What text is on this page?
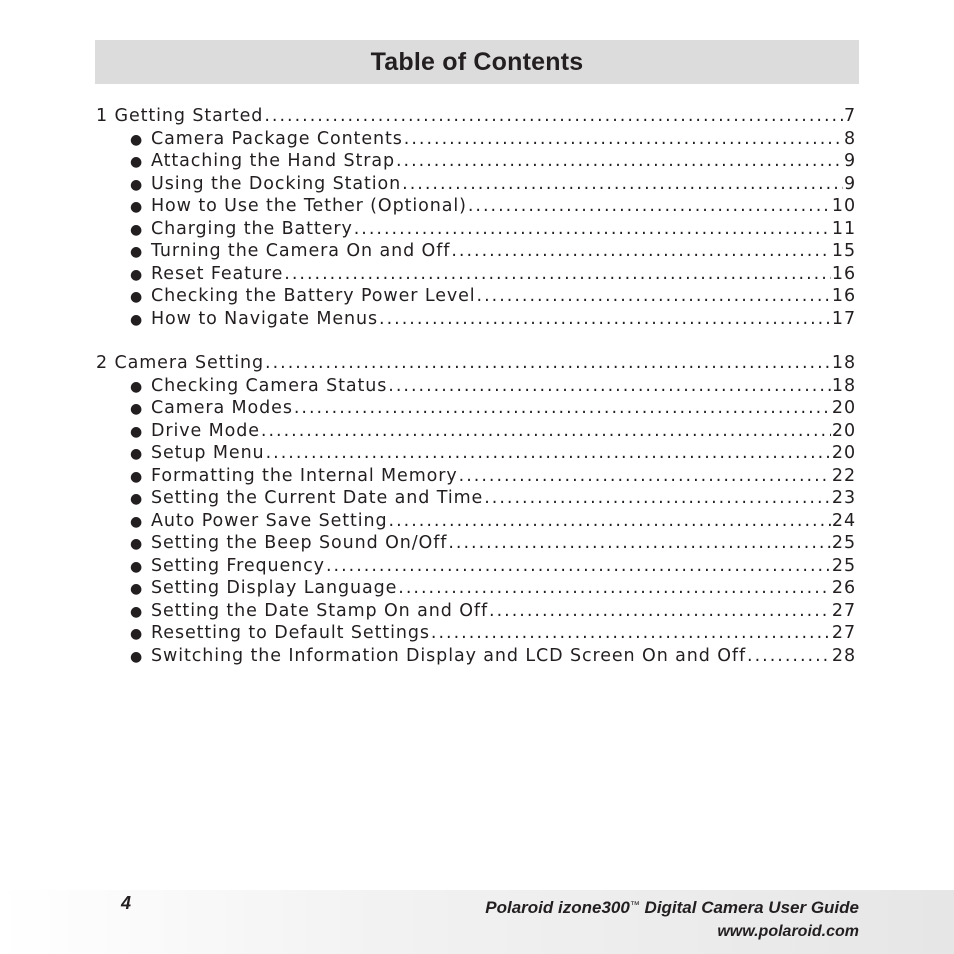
Table of Contents
1 Getting Started .....	7
● Camera Package Contents .....	8
● Attaching the Hand Strap .....	9
● Using the Docking Station .....	9
● How to Use the Tether (Optional) .....	10
● Charging the Battery .....	11
● Turning the Camera On and Off .....	15
● Reset Feature .....	16
● Checking the Battery Power Level .....	16
● How to Navigate Menus .....	17
2 Camera Setting .....	18
● Checking Camera Status .....	18
● Camera Modes .....	20
● Drive Mode .....	20
● Setup Menu .....	20
● Formatting the Internal Memory .....	22
● Setting the Current Date and Time .....	23
● Auto Power Save Setting .....	24
● Setting the Beep Sound On/Off .....	25
● Setting Frequency .....	25
● Setting Display Language .....	26
● Setting the Date Stamp On and Off .....	27
● Resetting to Default Settings .....	27
● Switching the Information Display and LCD Screen On and Off .....	28
4	Polaroid izone300™ Digital Camera User Guide
www.polaroid.com
